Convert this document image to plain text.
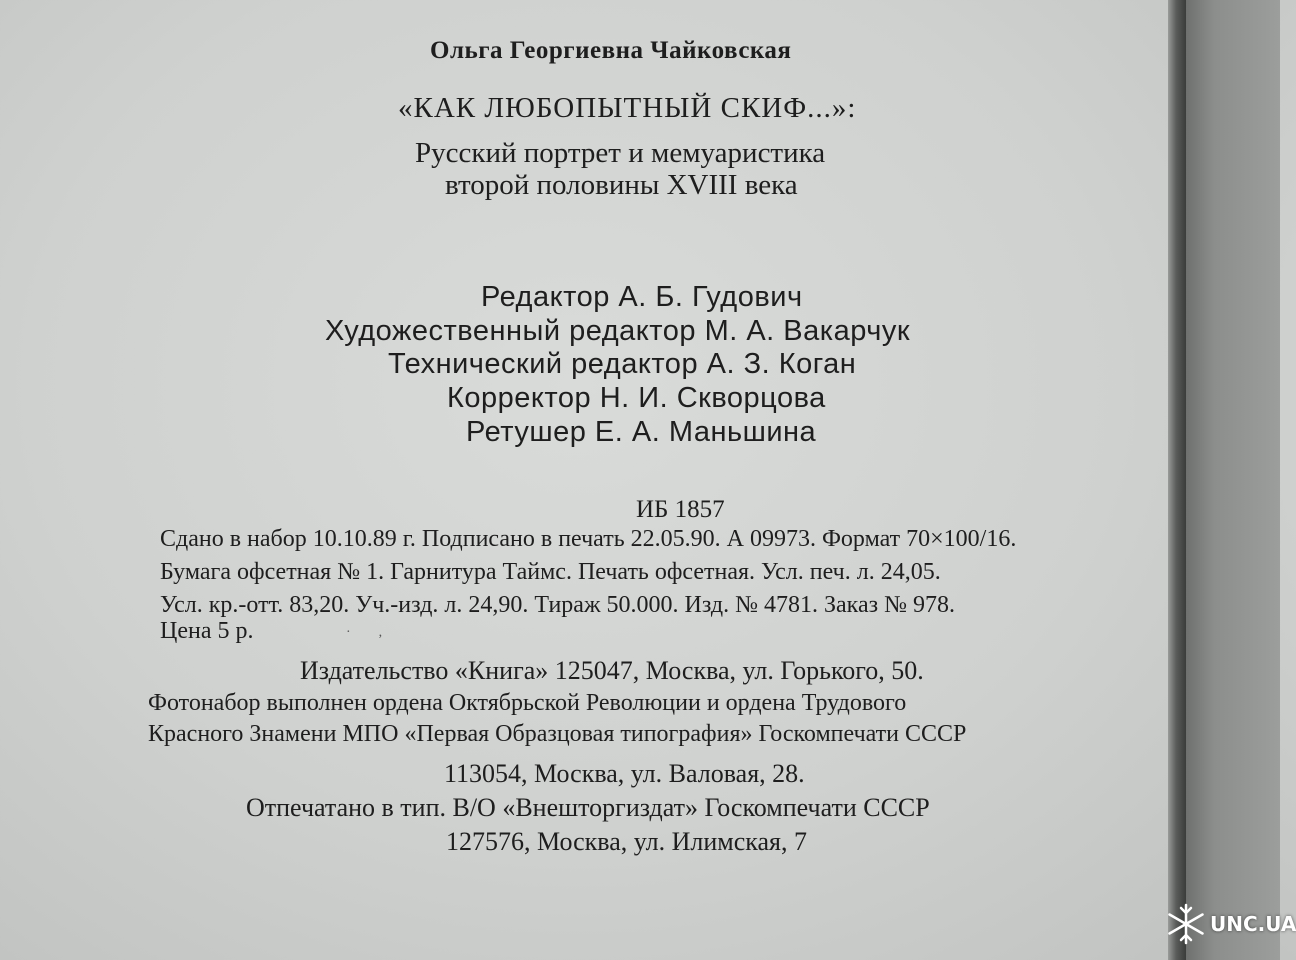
Ольга Георгиевна Чайковская
«КАК ЛЮБОПЫТНЫЙ СКИФ...»:
Русский портрет и мемуаристика
второй половины XVIII века
Редактор А. Б. Гудович
Художественный редактор М. А. Вакарчук
Технический редактор А. З. Коган
Корректор Н. И. Скворцова
Ретушер Е. А. Маньшина
ИБ 1857
Сдано в набор 10.10.89 г. Подписано в печать 22.05.90. А 09973. Формат 70×100/16.
Бумага офсетная № 1. Гарнитура Таймс. Печать офсетная. Усл. печ. л. 24,05.
Усл. кр.-отт. 83,20. Уч.-изд. л. 24,90. Тираж 50.000. Изд. № 4781. Заказ № 978.
Цена 5 р.	·        ,
Издательство «Книга» 125047, Москва, ул. Горького, 50.
Фотонабор выполнен ордена Октябрьской Революции и ордена Трудового
Красного Знамени МПО «Первая Образцовая типография» Госкомпечати СССР
113054, Москва, ул. Валовая, 28.
Отпечатано в тип. В/О «Внешторгиздат» Госкомпечати СССР
127576, Москва, ул. Илимская, 7
UNC.UA
